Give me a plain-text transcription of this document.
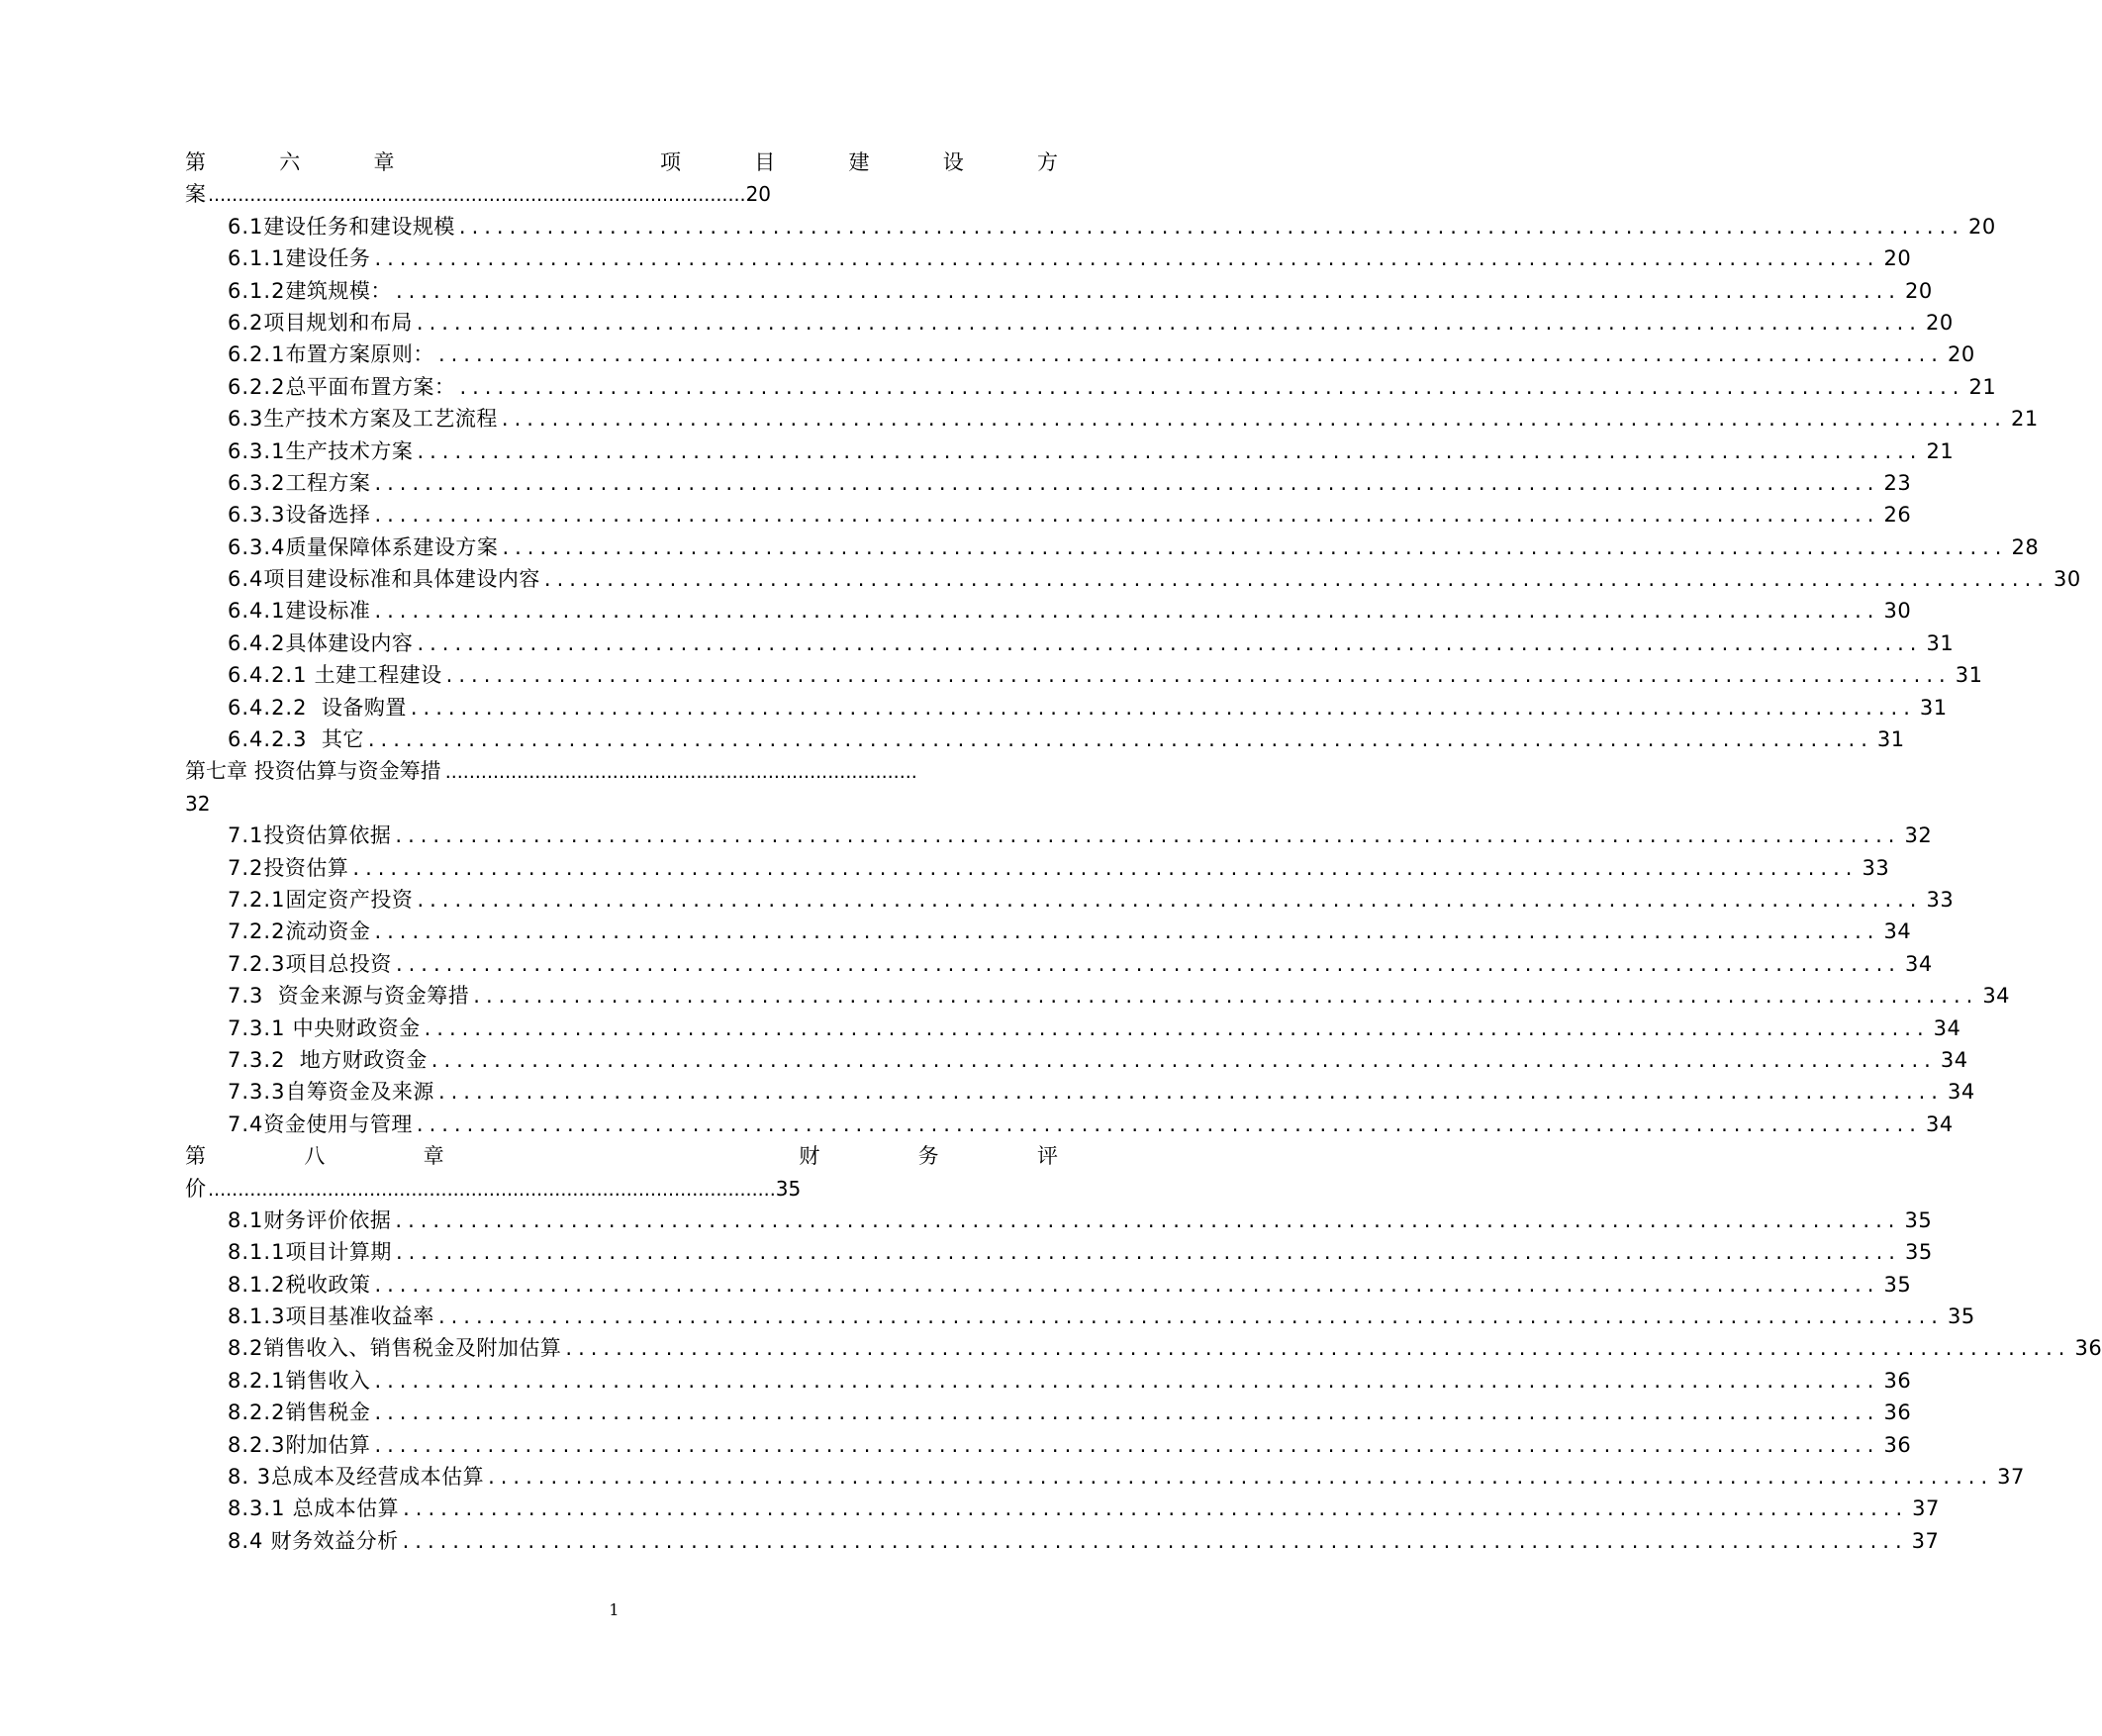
第	六	章	项	目	建	设	方
案 .......................................................................................... 20
6.1 建设任务和建设规模 ........................................................................................................................ 20
6.1.1 建设任务 ........................................................................................................................ 20
6.1.2 建筑规模： ........................................................................................................................ 20
6.2 项目规划和布局 ........................................................................................................................ 20
6.2.1 布置方案原则： ........................................................................................................................ 20
6.2.2 总平面布置方案： ........................................................................................................................ 21
6.3 生产技术方案及工艺流程 ........................................................................................................................ 21
6.3.1 生产技术方案 ........................................................................................................................ 21
6.3.2 工程方案 ........................................................................................................................ 23
6.3.3 设备选择 ........................................................................................................................ 26
6.3.4 质量保障体系建设方案 ........................................................................................................................ 28
6.4 项目建设标准和具体建设内容 ........................................................................................................................ 30
6.4.1 建设标准 ........................................................................................................................ 30
6.4.2 具体建设内容 ........................................................................................................................ 31
6.4.2.1 土建工程建设 ........................................................................................................................ 31
6.4.2.2 设备购置 ........................................................................................................................ 31
6.4.2.3 其它 ........................................................................................................................ 31
第七章 投资估算与资金筹措 ...............................................................................
32
7.1 投资估算依据 ........................................................................................................................ 32
7.2 投资估算 ........................................................................................................................ 33
7.2.1 固定资产投资 ........................................................................................................................ 33
7.2.2 流动资金 ........................................................................................................................ 34
7.2.3 项目总投资 ........................................................................................................................ 34
7.3 资金来源与资金筹措 ........................................................................................................................ 34
7.3.1 中央财政资金 ........................................................................................................................ 34
7.3.2 地方财政资金 ........................................................................................................................ 34
7.3.3 自筹资金及来源 ........................................................................................................................ 34
7.4 资金使用与管理 ........................................................................................................................ 34
第	八	章	财	务	评
价 ............................................................................................... 35
8.1 财务评价依据 ........................................................................................................................ 35
8.1.1 项目计算期 ........................................................................................................................ 35
8.1.2 税收政策 ........................................................................................................................ 35
8.1.3 项目基准收益率 ........................................................................................................................ 35
8.2 销售收入、销售税金及附加估算 ........................................................................................................................ 36
8.2.1 销售收入 ........................................................................................................................ 36
8.2.2 销售税金 ........................................................................................................................ 36
8.2.3 附加估算 ........................................................................................................................ 36
8. 3 总成本及经营成本估算 ........................................................................................................................ 37
8.3.1 总成本估算 ........................................................................................................................ 37
8.4 财务效益分析 ........................................................................................................................ 37
1
